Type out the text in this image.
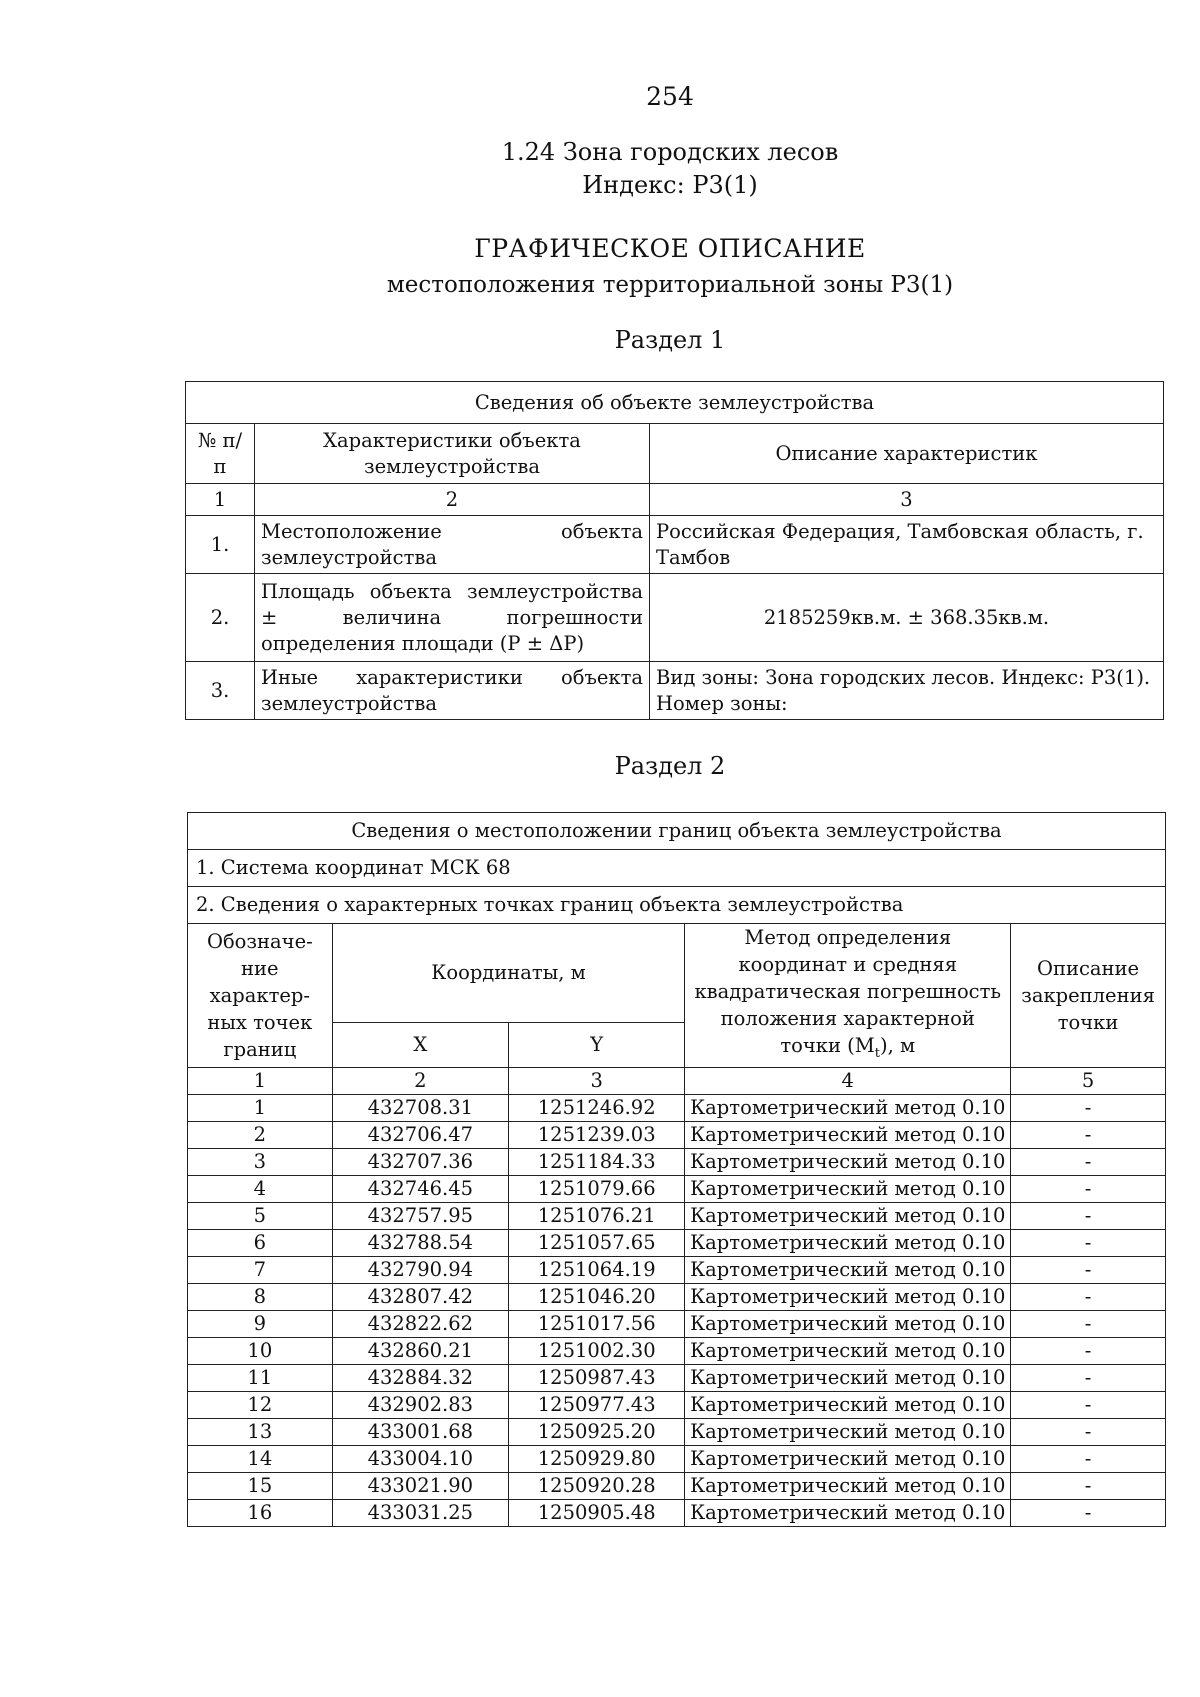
254
1.24 Зона городских лесов
Индекс: Р3(1)
ГРАФИЧЕСКОЕ ОПИСАНИЕ
местоположения территориальной зоны Р3(1)
Раздел 1
Сведения об объекте землеустройства		
№ п/п	Характеристики объекта землеустройства	Описание характеристик
1	2	3
1.	Местоположение объекта землеустройства	Российская Федерация, Тамбовская область, г. Тамбов
2.	Площадь объекта землеустройства ± величина погрешности определения площади (P ± ΔP)	2185259кв.м. ± 368.35кв.м.
3.	Иные характеристики объекта землеустройства	Вид зоны: Зона городских лесов. Индекс: Р3(1). Номер зоны:
Раздел 2
Сведения о местоположении границ объекта землеустройства				
1. Система координат МСК 68				
2. Сведения о характерных точках границ объекта землеустройства				
Обозначе-ние характер-ных точек границ	Координаты, м		Метод определения координат и средняя квадратическая погрешность положения характерной точки $(M_t)$, м	Описание закрепления точки
	X	Y		
1	2	3	4	5
1	432708.31	1251246.92	Картометрический метод 0.10	-
2	432706.47	1251239.03	Картометрический метод 0.10	-
3	432707.36	1251184.33	Картометрический метод 0.10	-
4	432746.45	1251079.66	Картометрический метод 0.10	-
5	432757.95	1251076.21	Картометрический метод 0.10	-
6	432788.54	1251057.65	Картометрический метод 0.10	-
7	432790.94	1251064.19	Картометрический метод 0.10	-
8	432807.42	1251046.20	Картометрический метод 0.10	-
9	432822.62	1251017.56	Картометрический метод 0.10	-
10	432860.21	1251002.30	Картометрический метод 0.10	-
11	432884.32	1250987.43	Картометрический метод 0.10	-
12	432902.83	1250977.43	Картометрический метод 0.10	-
13	433001.68	1250925.20	Картометрический метод 0.10	-
14	433004.10	1250929.80	Картометрический метод 0.10	-
15	433021.90	1250920.28	Картометрический метод 0.10	-
16	433031.25	1250905.48	Картометрический метод 0.10	-
